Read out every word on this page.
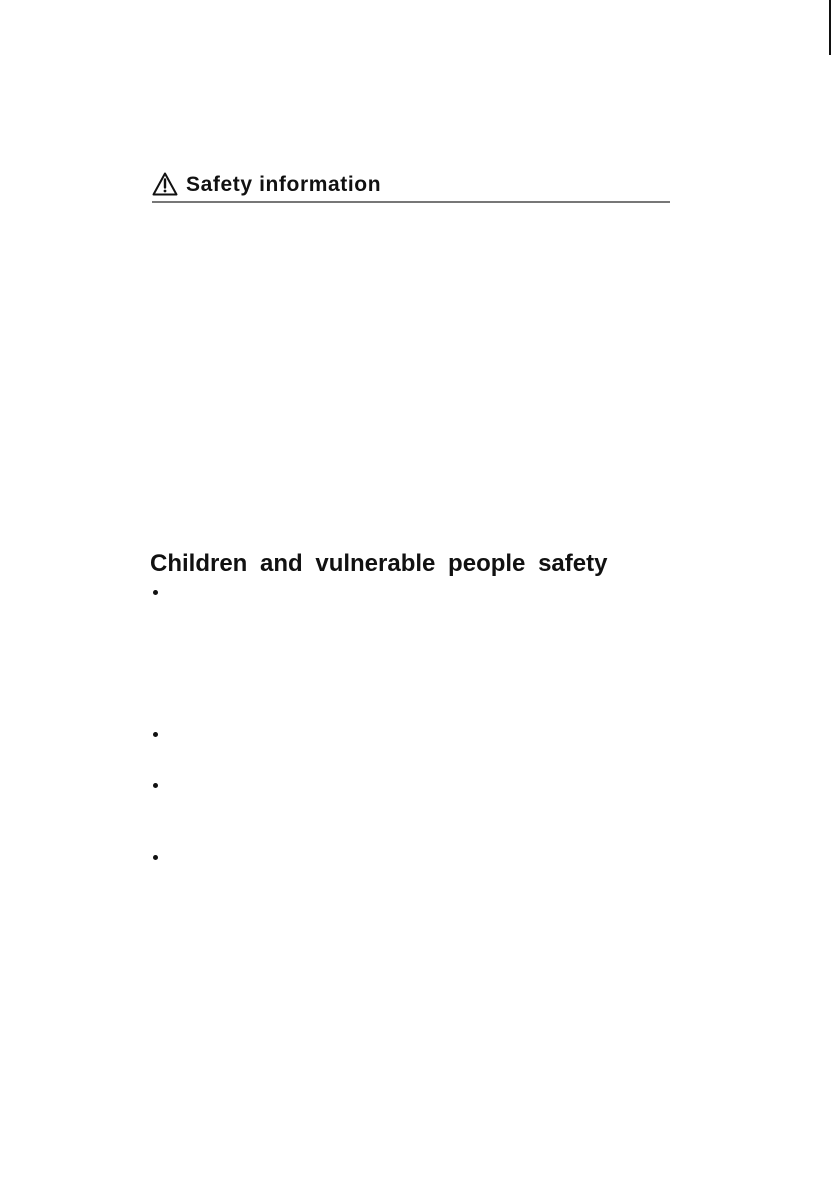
Safety information
Children and vulnerable people safety
